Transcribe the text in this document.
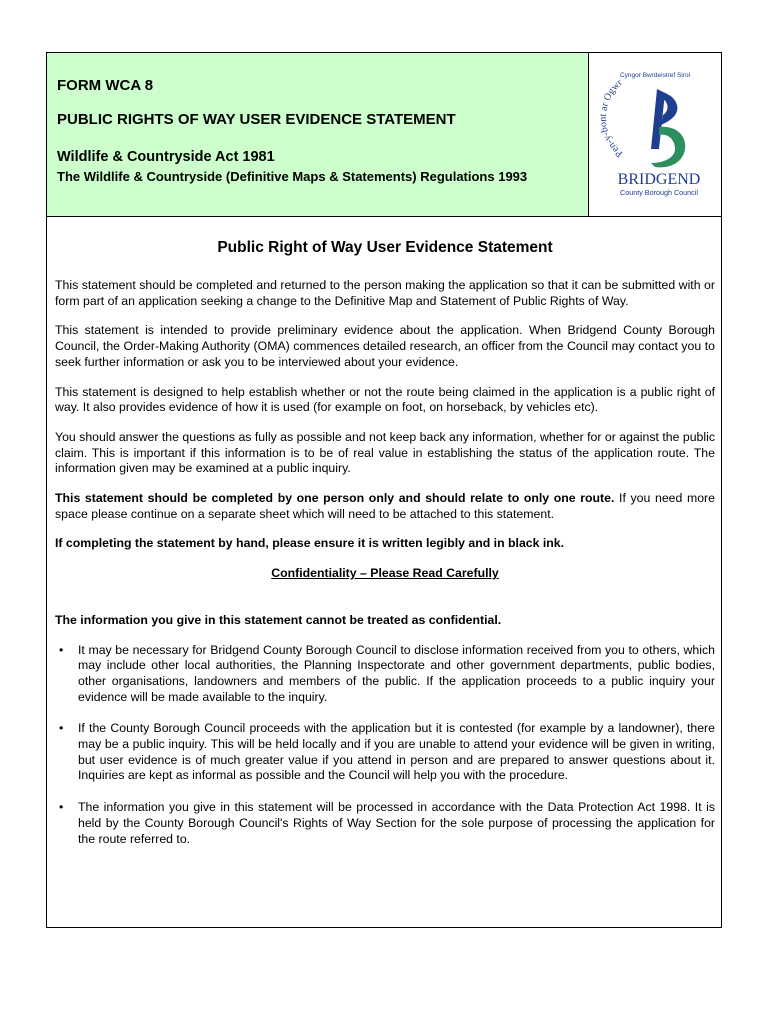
FORM WCA 8
PUBLIC RIGHTS OF WAY USER EVIDENCE STATEMENT
Wildlife & Countryside Act 1981
The Wildlife & Countryside (Definitive Maps & Statements) Regulations 1993
Cyngor Bwrdeistref Sirol
Pen-y-bont ar Ogwr
BRIDGEND
County Borough Council
Public Right of Way User Evidence Statement

This statement should be completed and returned to the person making the application so that it can be submitted with or form part of an application seeking a change to the Definitive Map and Statement of Public Rights of Way.

This statement is intended to provide preliminary evidence about the application. When Bridgend County Borough Council, the Order-Making Authority (OMA) commences detailed research, an officer from the Council may contact you to seek further information or ask you to be interviewed about your evidence.

This statement is designed to help establish whether or not the route being claimed in the application is a public right of way. It also provides evidence of how it is used (for example on foot, on horseback, by vehicles etc).

You should answer the questions as fully as possible and not keep back any information, whether for or against the public claim. This is important if this information is to be of real value in establishing the status of the application route. The information given may be examined at a public inquiry.

This statement should be completed by one person only and should relate to only one route. If you need more space please continue on a separate sheet which will need to be attached to this statement.

If completing the statement by hand, please ensure it is written legibly and in black ink.

Confidentiality – Please Read Carefully
The information you give in this statement cannot be treated as confidential.
• It may be necessary for Bridgend County Borough Council to disclose information received from you to others, which may include other local authorities, the Planning Inspectorate and other government departments, public bodies, other organisations, landowners and members of the public. If the application proceeds to a public inquiry your evidence will be made available to the inquiry.
• If the County Borough Council proceeds with the application but it is contested (for example by a landowner), there may be a public inquiry. This will be held locally and if you are unable to attend your evidence will be given in writing, but user evidence is of much greater value if you attend in person and are prepared to answer questions about it. Inquiries are kept as informal as possible and the Council will help you with the procedure.
• The information you give in this statement will be processed in accordance with the Data Protection Act 1998. It is held by the County Borough Council's Rights of Way Section for the sole purpose of processing the application for the route referred to.
